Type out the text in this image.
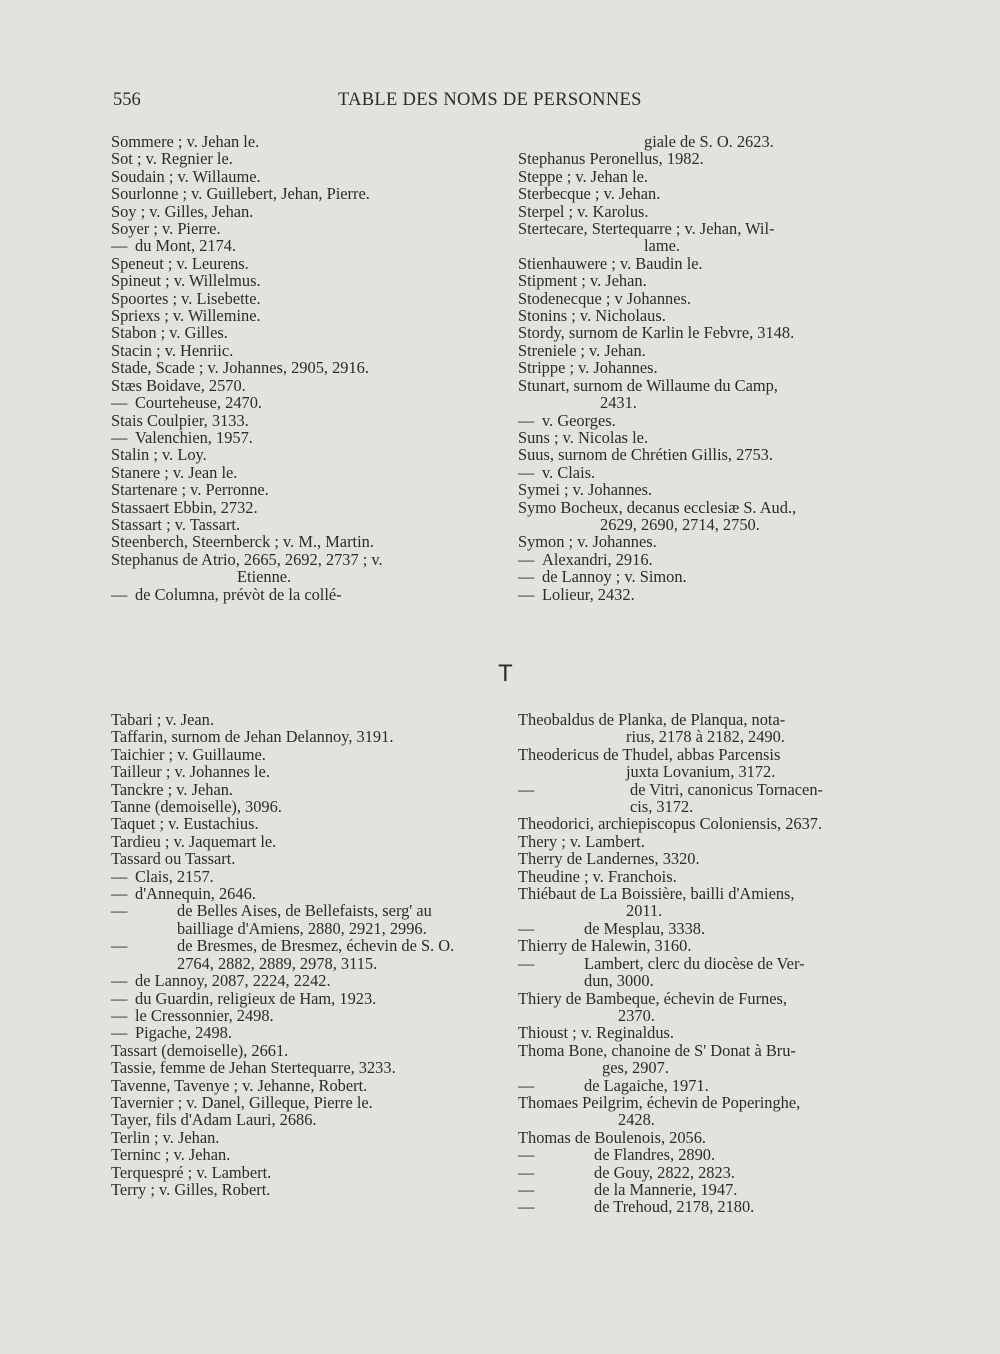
556	TABLE DES NOMS DE PERSONNES
Sommere ; v. Jehan le.
Sot ; v. Regnier le.
Soudain ; v. Willaume.
Sourlonne ; v. Guillebert, Jehan, Pierre.
Soy ; v. Gilles, Jehan.
Soyer ; v. Pierre.
— du Mont, 2174.
Speneut ; v. Leurens.
Spineut ; v. Willelmus.
Spoortes ; v. Lisebette.
Spriexs ; v. Willemine.
Stabon ; v. Gilles.
Stacin ; v. Henriic.
Stade, Scade ; v. Johannes, 2905, 2916.
Stæs Boidave, 2570.
— Courteheuse, 2470.
Stais Coulpier, 3133.
— Valenchien, 1957.
Stalin ; v. Loy.
Stanere ; v. Jean le.
Startenare ; v. Perronne.
Stassaert Ebbin, 2732.
Stassart ; v. Tassart.
Steenberch, Steernberck ; v. M., Martin.
Stephanus de Atrio, 2665, 2692, 2737 ; v.
Etienne.
— de Columna, prévòt de la collé-
giale de S. O. 2623.
Stephanus Peronellus, 1982.
Steppe ; v. Jehan le.
Sterbecque ; v. Jehan.
Sterpel ; v. Karolus.
Stertecare, Stertequarre ; v. Jehan, Wil-
lame.
Stienhauwere ; v. Baudin le.
Stipment ; v. Jehan.
Stodenecque ; v Johannes.
Stonins ; v. Nicholaus.
Stordy, surnom de Karlin le Febvre, 3148.
Streniele ; v. Jehan.
Strippe ; v. Johannes.
Stunart, surnom de Willaume du Camp,
2431.
— v. Georges.
Suns ; v. Nicolas le.
Suus, surnom de Chrétien Gillis, 2753.
— v. Clais.
Symei ; v. Johannes.
Symo Bocheux, decanus ecclesiæ S. Aud.,
2629, 2690, 2714, 2750.
Symon ; v. Johannes.
— Alexandri, 2916.
— de Lannoy ; v. Simon.
— Lolieur, 2432.
T
Tabari ; v. Jean.
Taffarin, surnom de Jehan Delannoy, 3191.
Taichier ; v. Guillaume.
Tailleur ; v. Johannes le.
Tanckre ; v. Jehan.
Tanne (demoiselle), 3096.
Taquet ; v. Eustachius.
Tardieu ; v. Jaquemart le.
Tassard ou Tassart.
— Clais, 2157.
— d'Annequin, 2646.
— de Belles Aises, de Bellefaists, serg' au bailliage d'Amiens, 2880, 2921, 2996.
— de Bresmes, de Bresmez, échevin de S. O. 2764, 2882, 2889, 2978, 3115.
— de Lannoy, 2087, 2224, 2242.
— du Guardin, religieux de Ham, 1923.
— le Cressonnier, 2498.
— Pigache, 2498.
Tassart (demoiselle), 2661.
Tassie, femme de Jehan Stertequarre, 3233.
Tavenne, Tavenye ; v. Jehanne, Robert.
Tavernier ; v. Danel, Gilleque, Pierre le.
Tayer, fils d'Adam Lauri, 2686.
Terlin ; v. Jehan.
Terninc ; v. Jehan.
Terquespré ; v. Lambert.
Terry ; v. Gilles, Robert.
Theobaldus de Planka, de Planqua, nota-
rius, 2178 à 2182, 2490.
Theodericus de Thudel, abbas Parcensis
juxta Lovanium, 3172.
— de Vitri, canonicus Tornacen-
cis, 3172.
Theodorici, archiepiscopus Coloniensis, 2637.
Thery ; v. Lambert.
Therry de Landernes, 3320.
Theudine ; v. Franchois.
Thiébaut de La Boissière, bailli d'Amiens,
2011.
— de Mesplau, 3338.
Thierry de Halewin, 3160.
— Lambert, clerc du diocèse de Ver-
dun, 3000.
Thiery de Bambeque, échevin de Furnes,
2370.
Thioust ; v. Reginaldus.
Thoma Bone, chanoine de S' Donat à Bru-
ges, 2907.
— de Lagaiche, 1971.
Thomaes Peilgrim, échevin de Poperinghe,
2428.
Thomas de Boulenois, 2056.
— de Flandres, 2890.
— de Gouy, 2822, 2823.
— de la Mannerie, 1947.
— de Trehoud, 2178, 2180.
